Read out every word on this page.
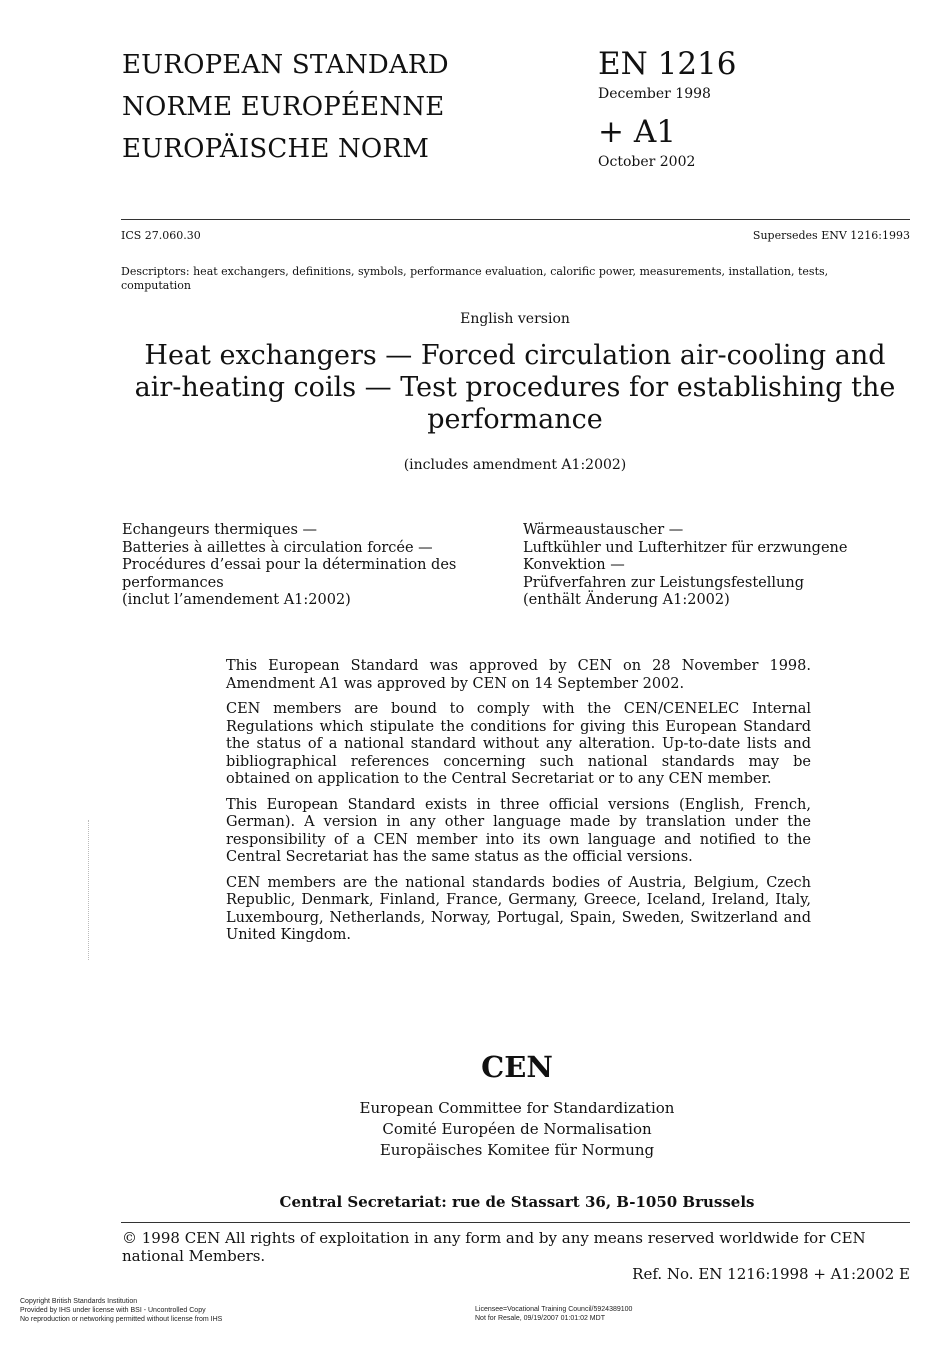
EUROPEAN STANDARD
NORME EUROPÉENNE
EUROPÄISCHE NORM
EN 1216
December 1998
+ A1
October 2002
ICS 27.060.30	Supersedes ENV 1216:1993
Descriptors: heat exchangers, definitions, symbols, performance evaluation, calorific power, measurements, installation, tests, computation
English version
Heat exchangers — Forced circulation air-cooling and
air-heating coils — Test procedures for establishing the
performance
(includes amendment A1:2002)
Echangeurs thermiques —
Batteries à aillettes à circulation forcée —
Procédures d’essai pour la détermination des
performances
(inclut l’amendement A1:2002)
Wärmeaustauscher —
Luftkühler und Lufterhitzer für erzwungene
Konvektion —
Prüfverfahren zur Leistungsfestellung
(enthält Änderung A1:2002)

This European Standard was approved by CEN on 28 November 1998. Amendment A1 was approved by CEN on 14 September 2002.

CEN members are bound to comply with the CEN/CENELEC Internal Regulations which stipulate the conditions for giving this European Standard the status of a national standard without any alteration. Up-to-date lists and bibliographical references concerning such national standards may be obtained on application to the Central Secretariat or to any CEN member.

This European Standard exists in three official versions (English, French, German). A version in any other language made by translation under the responsibility of a CEN member into its own language and notified to the Central Secretariat has the same status as the official versions.

CEN members are the national standards bodies of Austria, Belgium, Czech Republic, Denmark, Finland, France, Germany, Greece, Iceland, Ireland, Italy, Luxembourg, Netherlands, Norway, Portugal, Spain, Sweden, Switzerland and United Kingdom.

CEN
European Committee for Standardization
Comité Européen de Normalisation
Europäisches Komitee für Normung
Central Secretariat: rue de Stassart 36, B-1050 Brussels
© 1998 CEN All rights of exploitation in any form and by any means reserved worldwide for CEN national Members.
Ref. No. EN 1216:1998 + A1:2002 E
Copyright British Standards Institution
Provided by IHS under license with BSI - Uncontrolled Copy
No reproduction or networking permitted without license from IHS
Licensee=Vocational Training Council/5924389100
Not for Resale, 09/19/2007 01:01:02 MDT
